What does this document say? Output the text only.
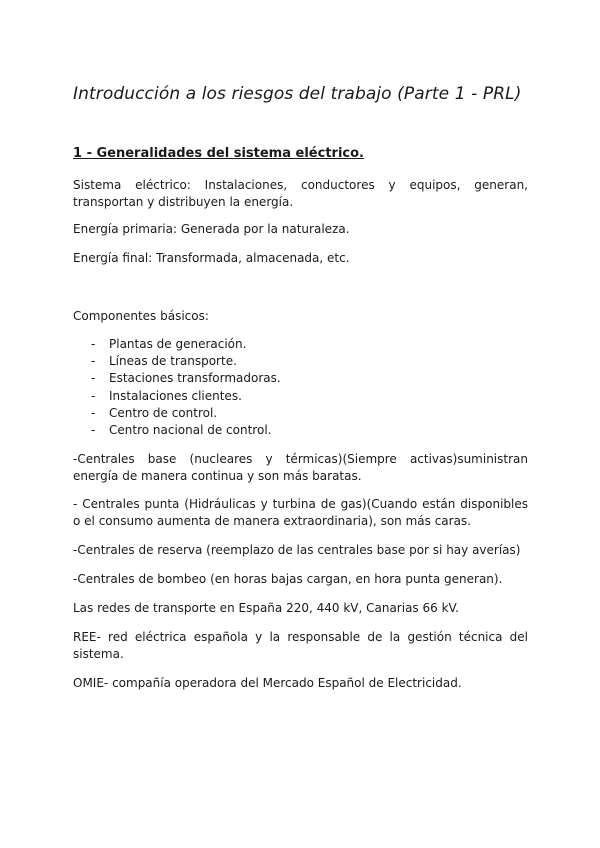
Introducción a los riesgos del trabajo (Parte 1 - PRL)
1 - Generalidades del sistema eléctrico.

Sistema eléctrico: Instalaciones, conductores y equipos, generan, transportan y distribuyen la energía.

Energía primaria: Generada por la naturaleza.

Energía final: Transformada, almacenada, etc.

Componentes básicos:

- Plantas de generación.
- Líneas de transporte.
- Estaciones transformadoras.
- Instalaciones clientes.
- Centro de control.
- Centro nacional de control.

-Centrales base (nucleares y térmicas)(Siempre activas)suministran energía de manera continua y son más baratas.

- Centrales punta (Hidráulicas y turbina de gas)(Cuando están disponibles o el consumo aumenta de manera extraordinaria), son más caras.

-Centrales de reserva (reemplazo de las centrales base por si hay averías)

-Centrales de bombeo (en horas bajas cargan, en hora punta generan).

Las redes de transporte en España 220, 440 kV, Canarias 66 kV.

REE- red eléctrica española y la responsable de la gestión técnica del sistema.

OMIE- compañía operadora del Mercado Español de Electricidad.
